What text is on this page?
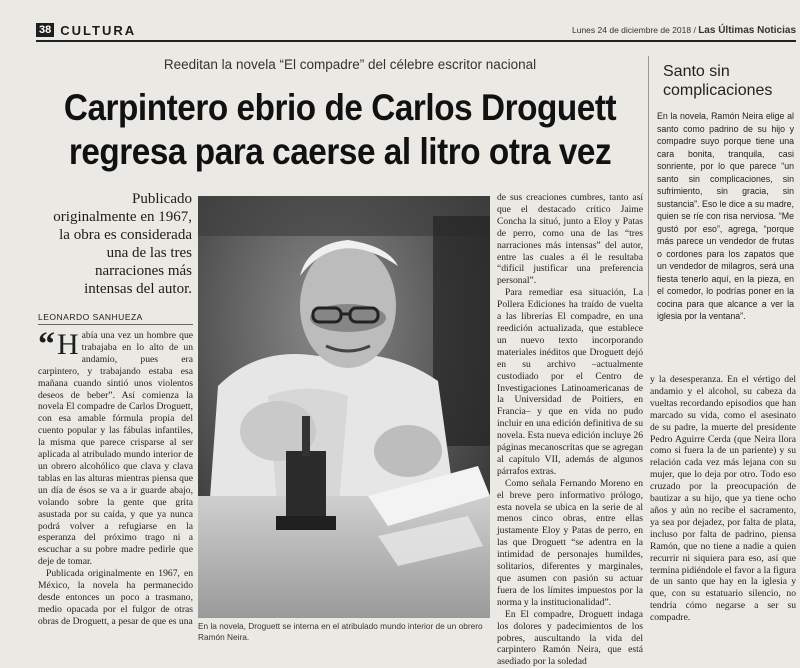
38 CULTURA	Lunes 24 de diciembre de 2018 / Las Últimas Noticias
Reeditan la novela “El compadre” del célebre escritor nacional
Carpintero ebrio de Carlos Droguett
regresa para caerse al litro otra vez
Santo sin complicaciones
En la novela, Ramón Neira elige al santo como padrino de su hijo y compadre suyo porque tiene una cara bonita, tranquila, casi sonriente, por lo que parece “un santo sin complicaciones, sin sufrimiento, sin gracia, sin sustancia”. Eso le dice a su madre, quien se ríe con risa nerviosa. “Me gustó por eso”, agrega, “porque más parece un vendedor de frutas o cordones para los zapatos que un vendedor de milagros, será una fiesta tenerlo aquí, en la pieza, en el comedor, lo podrías poner en la cocina para que alcance a ver la iglesia por la ventana”.
Publicado originalmente en 1967, la obra es considerada una de las tres narraciones más intensas del autor.
LEONARDO SANHUEZA

“ H abía una vez un hombre que trabajaba en lo alto de un andamio, pues era carpintero, y trabajando estaba esa mañana cuando sintió unos violentos deseos de beber”. Así comienza la novela El compadre de Carlos Droguett, con esa amable fórmula propia del cuento popular y las fábulas infantiles, la misma que parece crisparse al ser aplicada al atribulado mundo interior de un obrero alcohólico que clava y clava tablas en las alturas mientras piensa que un día de ésos se va a ir guarde abajo, volando sobre la gente que grita asustada por su caída, y que ya nunca podrá volver a refugiarse en la esperanza del próximo trago ni a escuchar a su pobre madre pedirle que deje de tomar.

Publicada originalmente en 1967, en México, la novela ha permanecido desde entonces un poco a trasmano, medio opacada por el fulgor de otras obras de Droguett, a pesar de que es una En la novela, Droguett se interna en el atribulado mundo interior de un obrero Ramón Neira.

de sus creaciones cumbres, tanto así que el destacado crítico Jaime Concha la situó, junto a Eloy y Patas de perro, como una de las “tres narraciones más intensas” del autor, entre las cuales a él le resultaba “difícil justificar una preferencia personal”.

Para remediar esa situación, La Pollera Ediciones ha traído de vuelta a las librerías El compadre, en una reedición actualizada, que establece un nuevo texto incorporando materiales inéditos que Droguett dejó en su archivo –actualmente custodiado por el Centro de Investigaciones Latinoamericanas de la Universidad de Poitiers, en Francia– y que en vida no pudo incluir en una edición definitiva de su novela. Esta nueva edición incluye 26 páginas mecanoscritas que se agregan al capítulo VII, además de algunos párrafos extras.

Como señala Fernando Moreno en el breve pero informativo prólogo, esta novela se ubica en la serie de al menos cinco obras, entre ellas justamente Eloy y Patas de perro, en las que Droguett “se adentra en la intimidad de personajes humildes, solitarios, diferentes y marginales, que asumen con pasión su actuar fuera de los límites impuestos por la norma y la institucionalidad”.

En El compadre, Droguett indaga los dolores y padecimientos de los pobres, auscultando la vida del carpintero Ramón Neira, que está asediado por la soledad

y la desesperanza. En el vértigo del andamio y el alcohol, su cabeza da vueltas recordando episodios que han marcado su vida, como el asesinato de su padre, la muerte del presidente Pedro Aguirre Cerda (que Neira llora como si fuera la de un pariente) y su relación cada vez más lejana con su mujer, que lo deja por otro. Todo eso cruzado por la preocupación de bautizar a su hijo, que ya tiene ocho años y aún no recibe el sacramento, ya sea por dejadez, por falta de plata, incluso por falta de padrino, piensa Ramón, que no tiene a nadie a quien recurrir ni siquiera para eso, así que termina pidiéndole el favor a la figura de un santo que hay en la iglesia y que, con su estatuario silencio, no tendría cómo negarse a ser su compadre.
